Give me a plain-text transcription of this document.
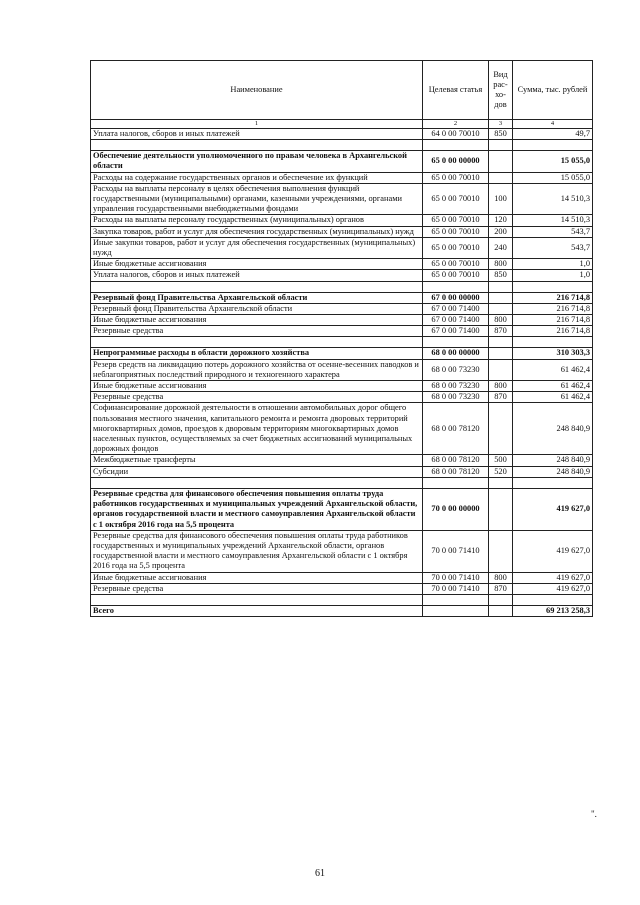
Наименование	Целевая статья	Вид рас-хо-дов	Сумма, тыс. рублей
1	2	3	4
Уплата налогов, сборов и иных платежей	64 0 00 70010	850	49,7

Обеспечение деятельности уполномоченного по правам человека в Архангельской области	65 0 00 00000		15 055,0
Расходы на содержание государственных органов и обеспечение их функций	65 0 00 70010		15 055,0
Расходы на выплаты персоналу в целях обеспечения выполнения функций государственными (муниципальными) органами, казенными учреждениями, органами управления государственными внебюджетными фондами	65 0 00 70010	100	14 510,3
Расходы на выплаты персоналу государственных (муниципальных) органов	65 0 00 70010	120	14 510,3
Закупка товаров, работ и услуг для обеспечения государственных (муниципальных) нужд	65 0 00 70010	200	543,7
Иные закупки товаров, работ и услуг для обеспечения государственных (муниципальных) нужд	65 0 00 70010	240	543,7
Иные бюджетные ассигнования	65 0 00 70010	800	1,0
Уплата налогов, сборов и иных платежей	65 0 00 70010	850	1,0

Резервный фонд Правительства Архангельской области	67 0 00 00000		216 714,8
Резервный фонд Правительства Архангельской области	67 0 00 71400		216 714,8
Иные бюджетные ассигнования	67 0 00 71400	800	216 714,8
Резервные средства	67 0 00 71400	870	216 714,8

Непрограммные расходы в области дорожного хозяйства	68 0 00 00000		310 303,3
Резерв средств на ликвидацию потерь дорожного хозяйства от осенне-весенних паводков и неблагоприятных последствий природного и техногенного характера	68 0 00 73230		61 462,4
Иные бюджетные ассигнования	68 0 00 73230	800	61 462,4
Резервные средства	68 0 00 73230	870	61 462,4
Софинансирование дорожной деятельности в отношении автомобильных дорог общего пользования местного значения, капитального ремонта и ремонта дворовых территорий многоквартирных домов, проездов к дворовым территориям многоквартирных домов населенных пунктов, осуществляемых за счет бюджетных ассигнований муниципальных дорожных фондов	68 0 00 78120		248 840,9
Межбюджетные трансферты	68 0 00 78120	500	248 840,9
Субсидии	68 0 00 78120	520	248 840,9

Резервные средства для финансового обеспечения повышения оплаты труда работников государственных и муниципальных учреждений Архангельской области, органов государственной власти и местного самоуправления Архангельской области с 1 октября 2016 года на 5,5 процента	70 0 00 00000		419 627,0
Резервные средства для финансового обеспечения повышения оплаты труда работников государственных и муниципальных учреждений Архангельской области, органов государственной власти и местного самоуправления Архангельской области с 1 октября 2016 года на 5,5 процента	70 0 00 71410		419 627,0
Иные бюджетные ассигнования	70 0 00 71410	800	419 627,0
Резервные средства	70 0 00 71410	870	419 627,0

Всего			69 213 258,3
".
61
